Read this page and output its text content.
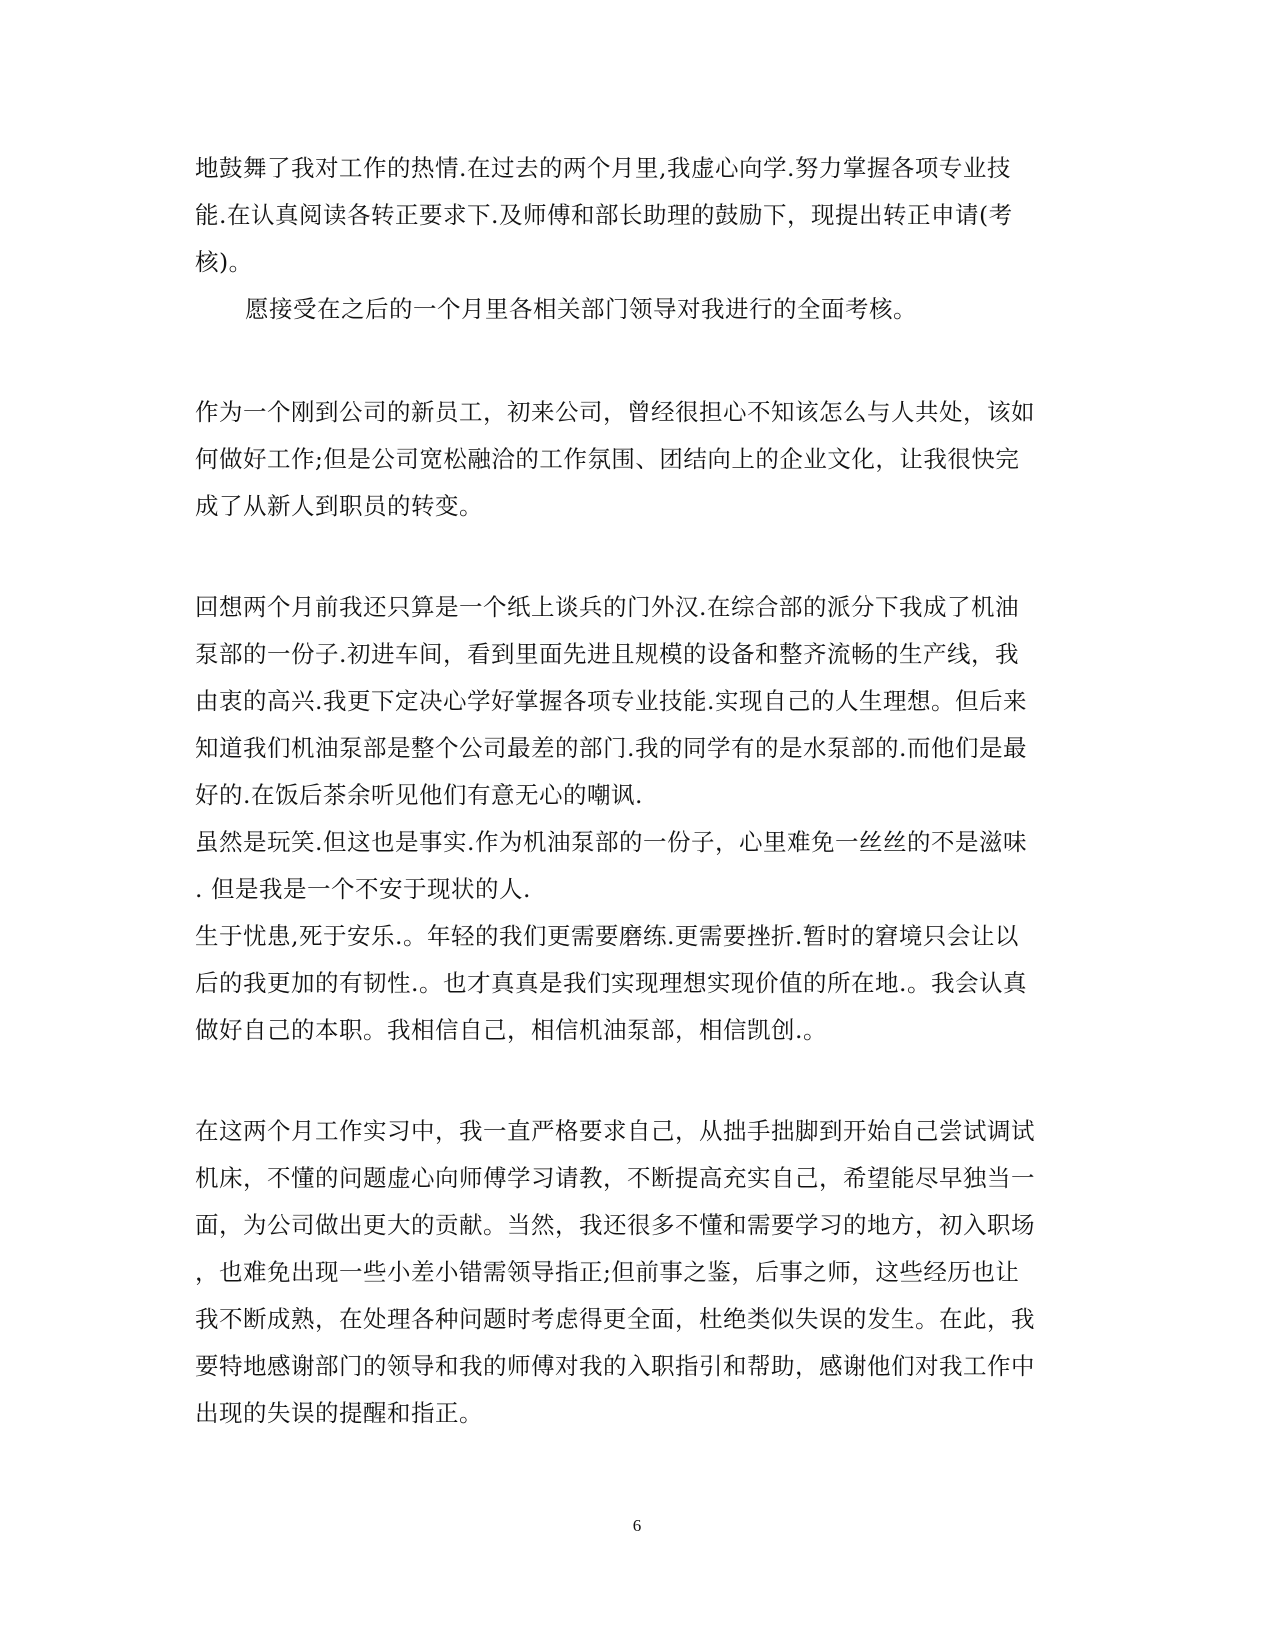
地鼓舞了我对工作的热情.在过去的两个月里,我虚心向学.努力掌握各项专业技
能.在认真阅读各转正要求下.及师傅和部长助理的鼓励下，现提出转正申请(考
核)。
愿接受在之后的一个月里各相关部门领导对我进行的全面考核。
作为一个刚到公司的新员工，初来公司，曾经很担心不知该怎么与人共处，该如
何做好工作;但是公司宽松融洽的工作氛围、团结向上的企业文化，让我很快完
成了从新人到职员的转变。
回想两个月前我还只算是一个纸上谈兵的门外汉.在综合部的派分下我成了机油
泵部的一份子.初进车间，看到里面先进且规模的设备和整齐流畅的生产线，我
由衷的高兴.我更下定决心学好掌握各项专业技能.实现自己的人生理想。但后来
知道我们机油泵部是整个公司最差的部门.我的同学有的是水泵部的.而他们是最
好的.在饭后茶余听见他们有意无心的嘲讽.
虽然是玩笑.但这也是事实.作为机油泵部的一份子，心里难免一丝丝的不是滋味
. 但是我是一个不安于现状的人.
生于忧患,死于安乐.。年轻的我们更需要磨练.更需要挫折.暂时的窘境只会让以
后的我更加的有韧性.。也才真真是我们实现理想实现价值的所在地.。我会认真
做好自己的本职。我相信自己，相信机油泵部，相信凯创.。
在这两个月工作实习中，我一直严格要求自己，从拙手拙脚到开始自己尝试调试
机床，不懂的问题虚心向师傅学习请教，不断提高充实自己，希望能尽早独当一
面，为公司做出更大的贡献。当然，我还很多不懂和需要学习的地方，初入职场
，也难免出现一些小差小错需领导指正;但前事之鉴，后事之师，这些经历也让
我不断成熟，在处理各种问题时考虑得更全面，杜绝类似失误的发生。在此，我
要特地感谢部门的领导和我的师傅对我的入职指引和帮助，感谢他们对我工作中
出现的失误的提醒和指正。
6
